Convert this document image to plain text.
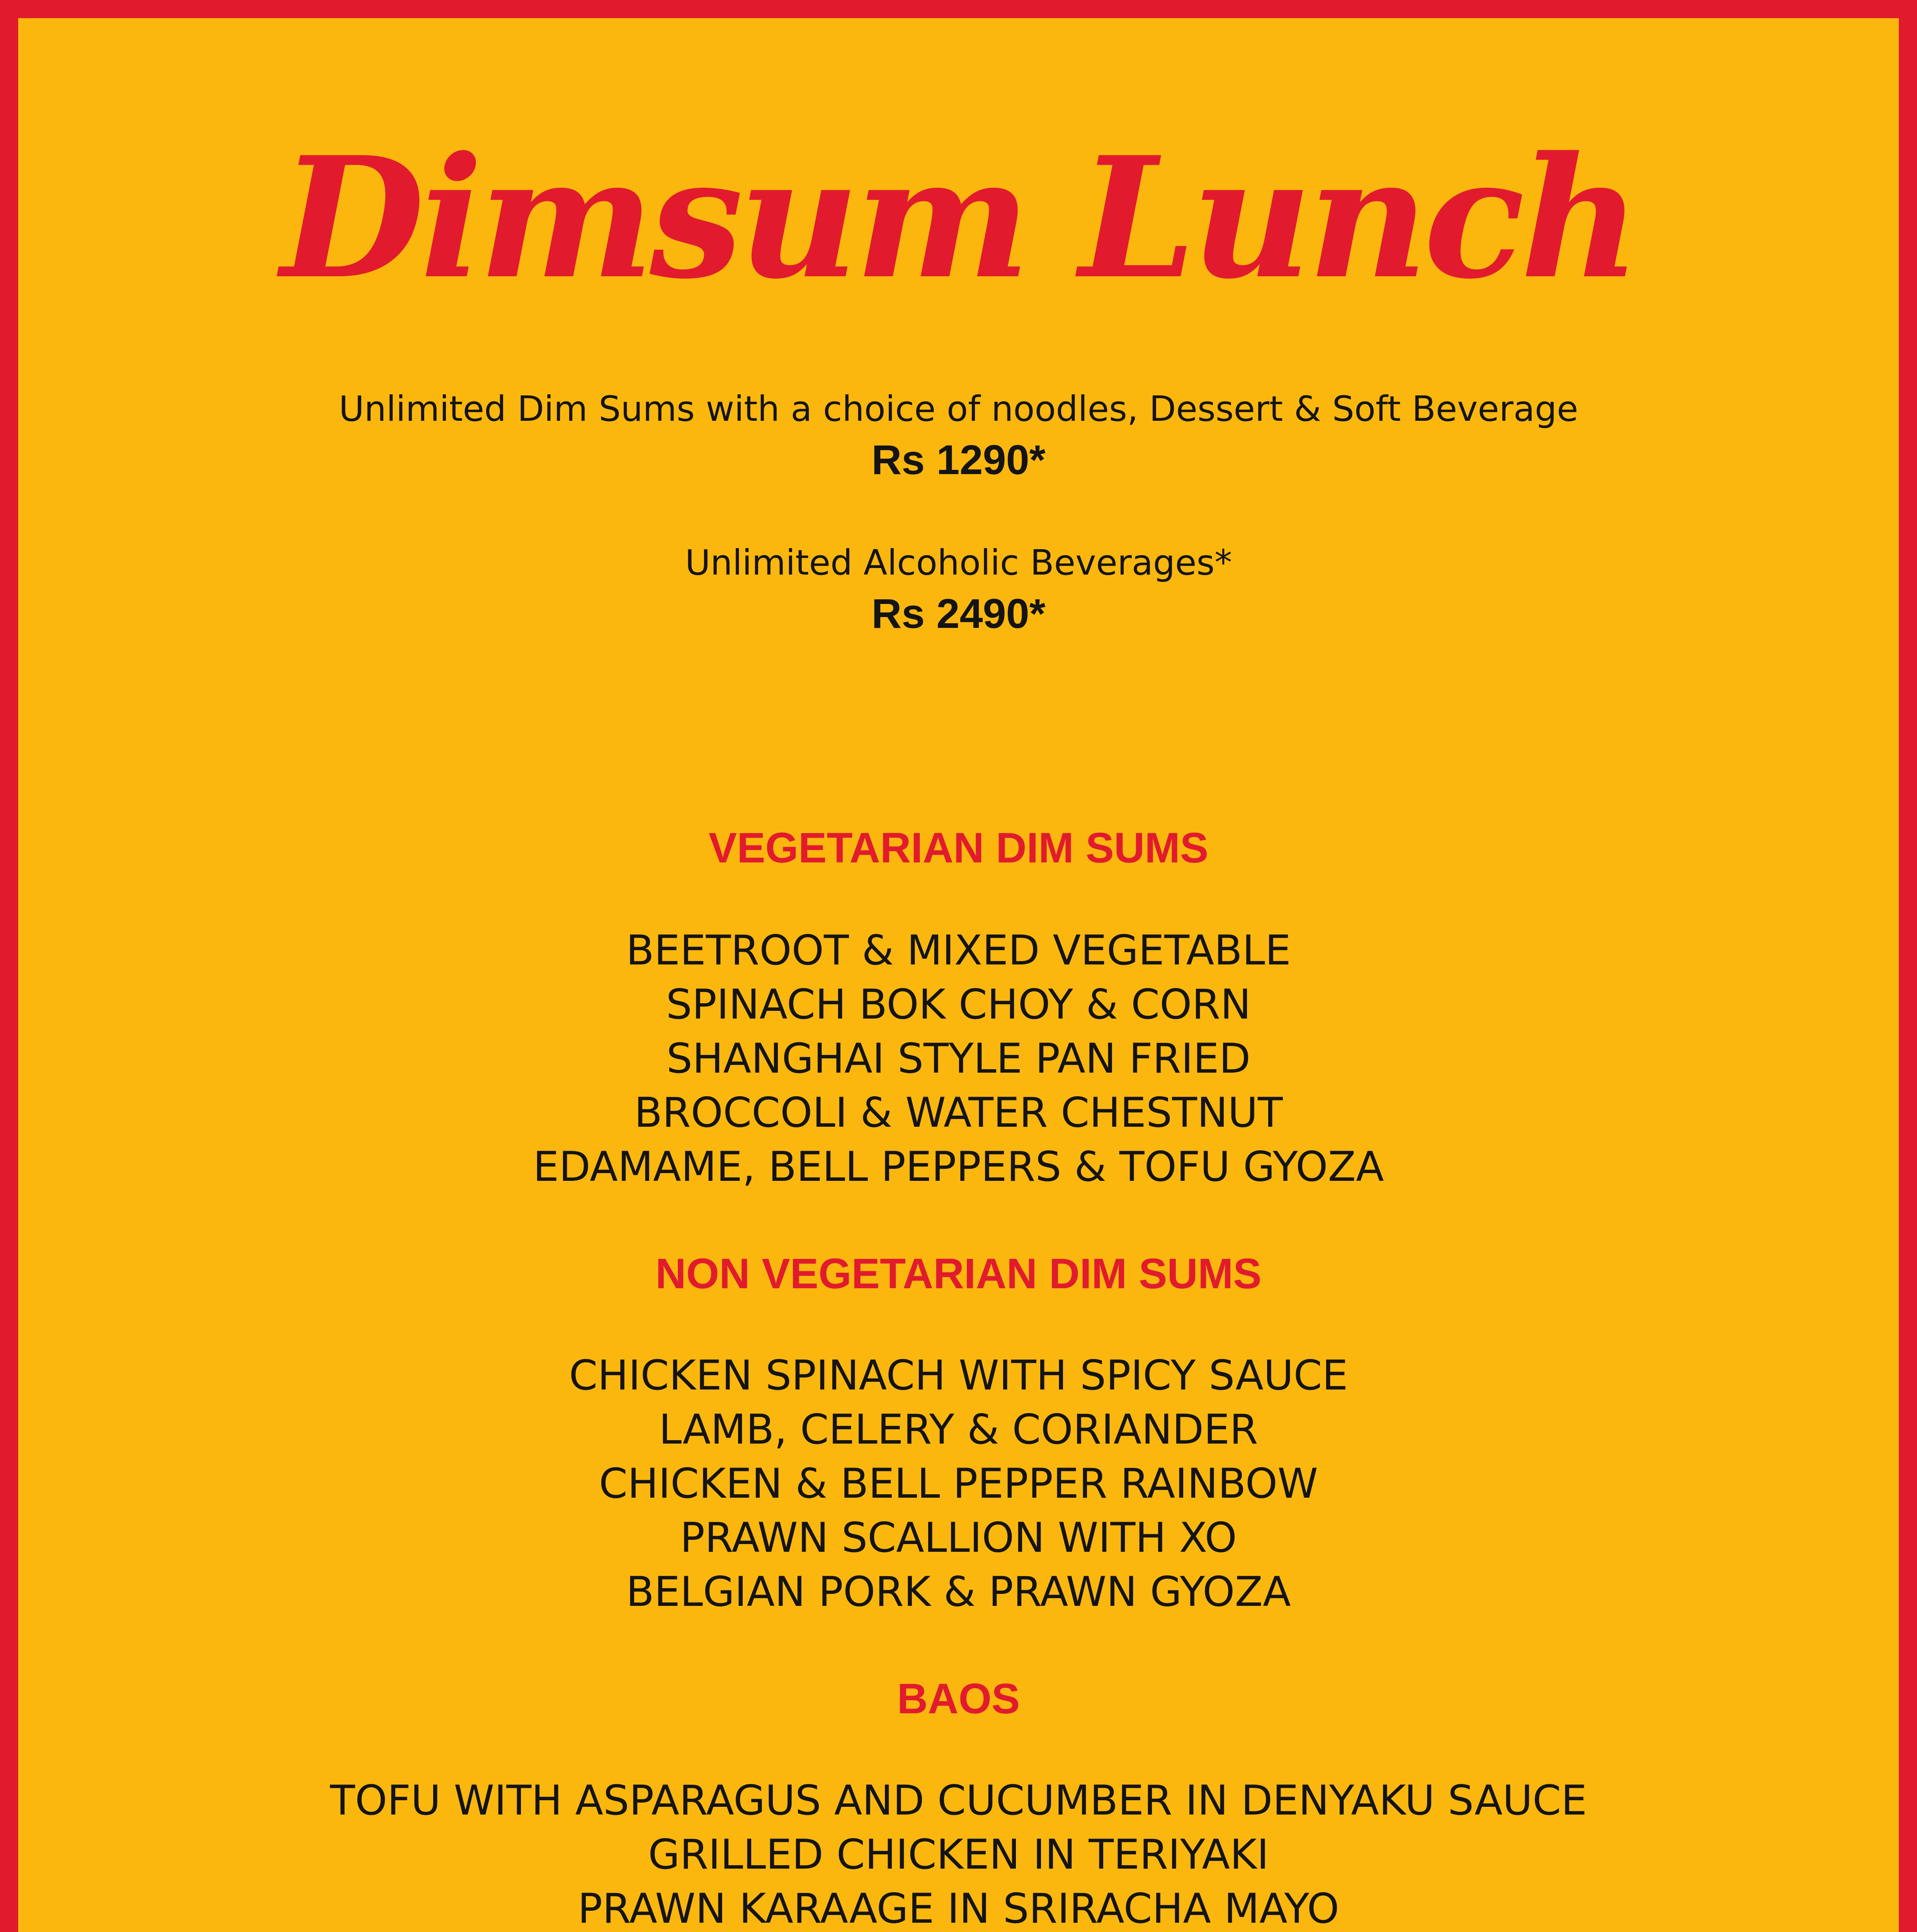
Dimsum Lunch
Unlimited Dim Sums with a choice of noodles, Dessert & Soft Beverage
Rs 1290*
Unlimited Alcoholic Beverages*
Rs 2490*
VEGETARIAN DIM SUMS
BEETROOT & MIXED VEGETABLE
SPINACH BOK CHOY & CORN
SHANGHAI STYLE PAN FRIED
BROCCOLI & WATER CHESTNUT
EDAMAME, BELL PEPPERS & TOFU GYOZA
NON VEGETARIAN DIM SUMS
CHICKEN SPINACH WITH SPICY SAUCE
LAMB, CELERY & CORIANDER
CHICKEN & BELL PEPPER RAINBOW
PRAWN SCALLION WITH XO
BELGIAN PORK & PRAWN GYOZA
BAOS
TOFU WITH ASPARAGUS AND CUCUMBER IN DENYAKU SAUCE
GRILLED CHICKEN IN TERIYAKI
PRAWN KARAAGE IN SRIRACHA MAYO
